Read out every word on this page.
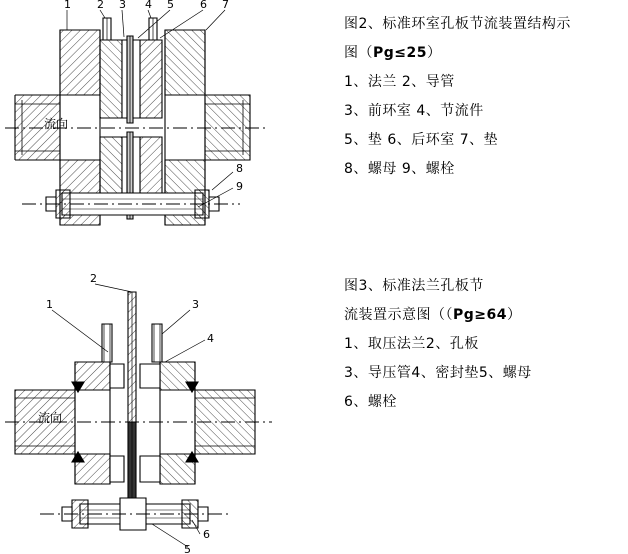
1 2 3 4 5 6 7
8
9
流向
1
2
3
4
5
6
流向
图2、标准环室孔板节流装置结构示
图（Pg≤25）
1、法兰 2、导管
3、前环室 4、节流件
5、垫 6、后环室 7、垫
8、螺母 9、螺栓
图3、标准法兰孔板节
流装置示意图（（Pg≥64）
1、取压法兰2、孔板
3、导压管4、密封垫5、螺母
6、螺栓
